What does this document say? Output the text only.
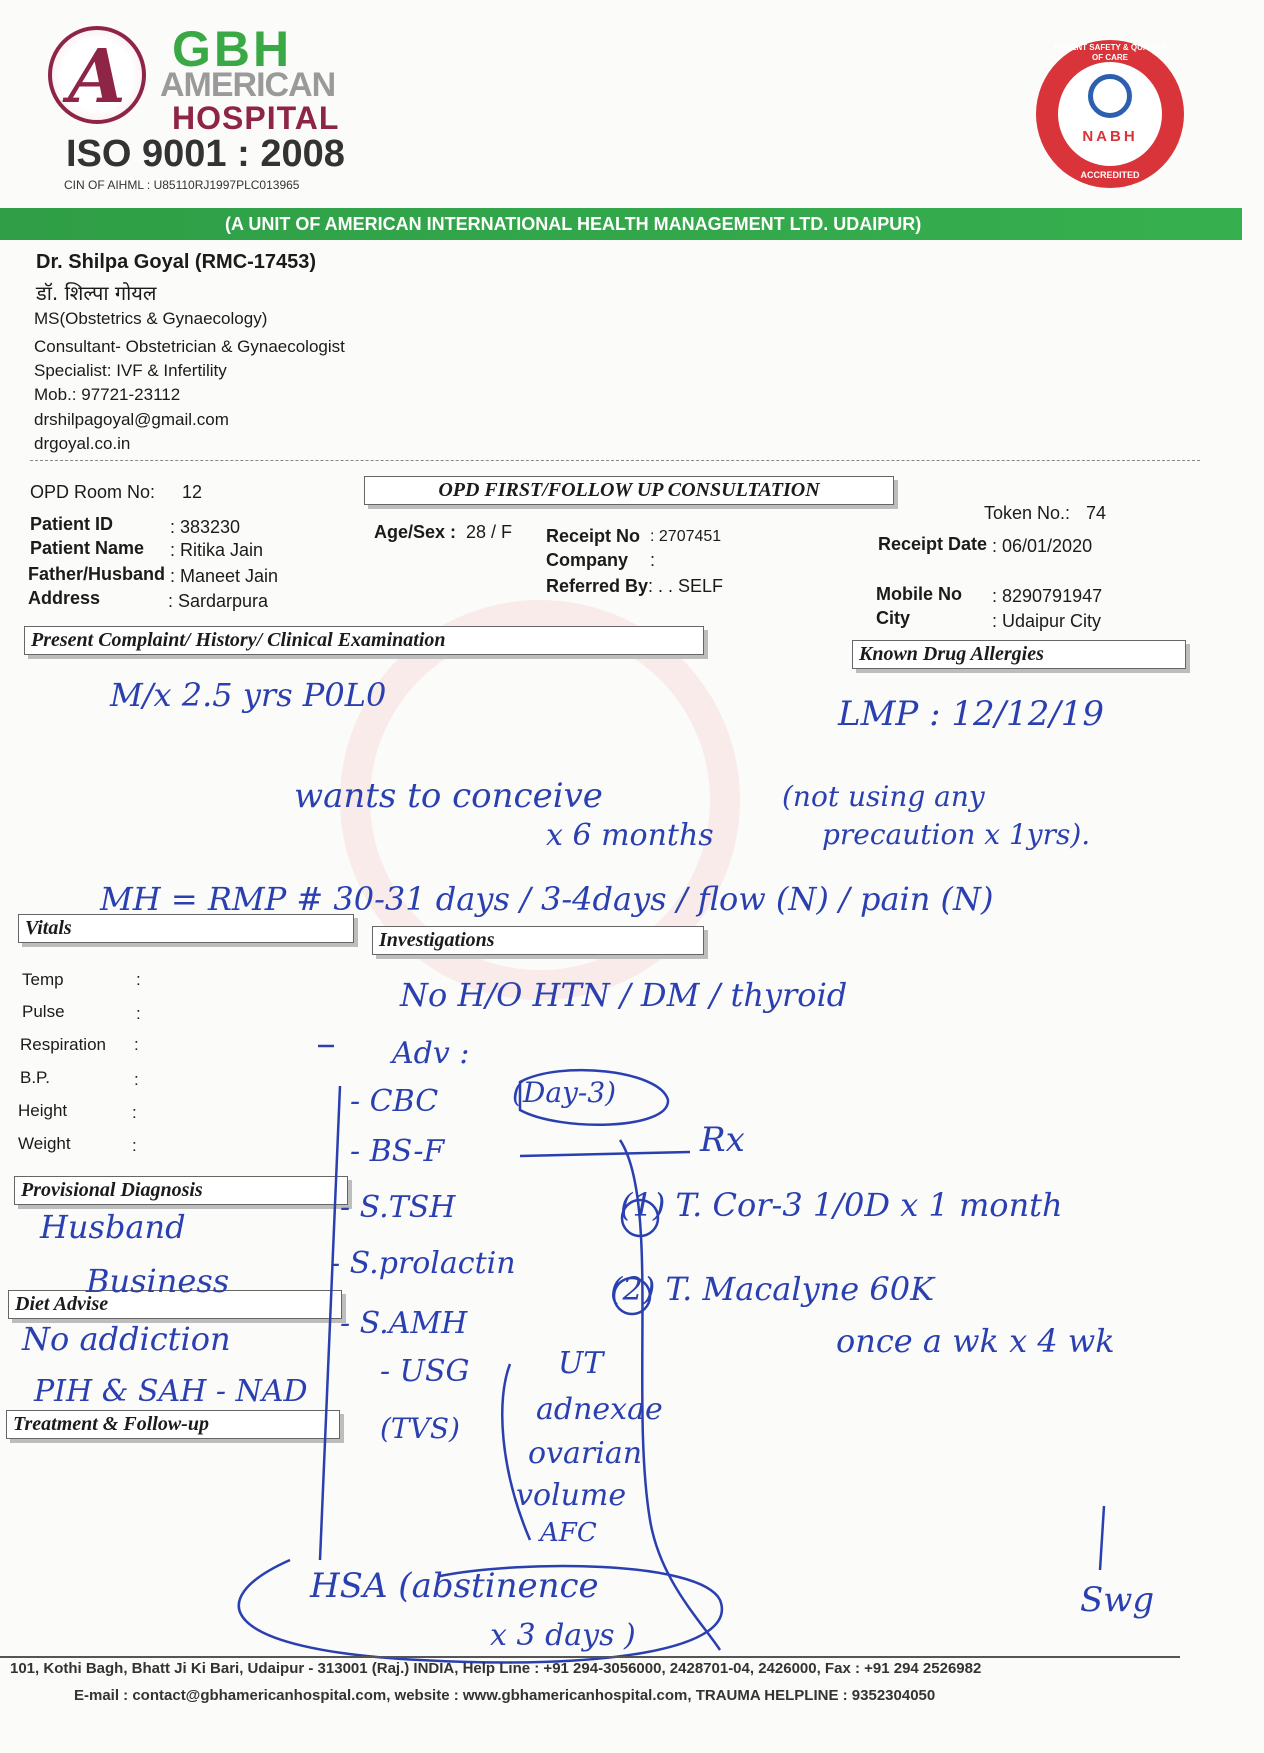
A GBH
AMERICAN
HOSPITAL
ISO 9001 : 2008
CIN OF AIHML : U85110RJ1997PLC013965
NABH
PATIENT SAFETY & QUALITY OF CARE
ACCREDITED
(A UNIT OF AMERICAN INTERNATIONAL HEALTH MANAGEMENT LTD. UDAIPUR)
Dr. Shilpa Goyal (RMC-17453)
डॉ. शिल्पा गोयल
MS(Obstetrics & Gynaecology)
Consultant- Obstetrician & Gynaecologist
Specialist: IVF & Infertility
Mob.: 97721-23112
drshilpagoyal@gmail.com
drgoyal.co.in
OPD Room No: 12	OPD FIRST/FOLLOW UP CONSULTATION
Token No.: 74
Patient ID	: 383230
Patient Name : Ritika Jain
Father/Husband : Maneet Jain
Address	: Sardarpura
Age/Sex : 28 / F Receipt No : 2707451
Company :
Referred By : . . SELF
Receipt Date : 06/01/2020
Mobile No : 8290791947
City	: Udaipur City
Present Complaint/ History/ Clinical Examination
Known Drug Allergies
Vitals
Investigations
Provisional Diagnosis
Diet Advise
Treatment & Follow-up
Temp	:
Pulse	:
Respiration :
B.P.	:
Height	:
Weight	:
M/x 2.5 yrs P0L0	LMP : 12/12/19
wants to conceive
x 6 months
(not using any
precaution x 1yrs).
MH = RMP # 30-31 days / 3-4days / flow (N) / pain (N)
No H/O HTN / DM / thyroid
Adv :
- CBC	(Day-3)
- BS-F	Rx
- S.TSH
- S.prolactin
- S.AMH
- USG
(TVS)
UT
adnexae
ovarian
volume
AFC
(1) T. Cor-3 1/0D x 1 month
(2) T. Macalyne 60K
once a wk x 4 wk
Husband
Business
No addiction
PIH & SAH - NAD
HSA (abstinence
x 3 days )
Swg
101, Kothi Bagh, Bhatt Ji Ki Bari, Udaipur - 313001 (Raj.) INDIA, Help Line : +91 294-3056000, 2428701-04, 2426000, Fax : +91 294 2526982
E-mail : contact@gbhamericanhospital.com, website : www.gbhamericanhospital.com, TRAUMA HELPLINE : 9352304050
